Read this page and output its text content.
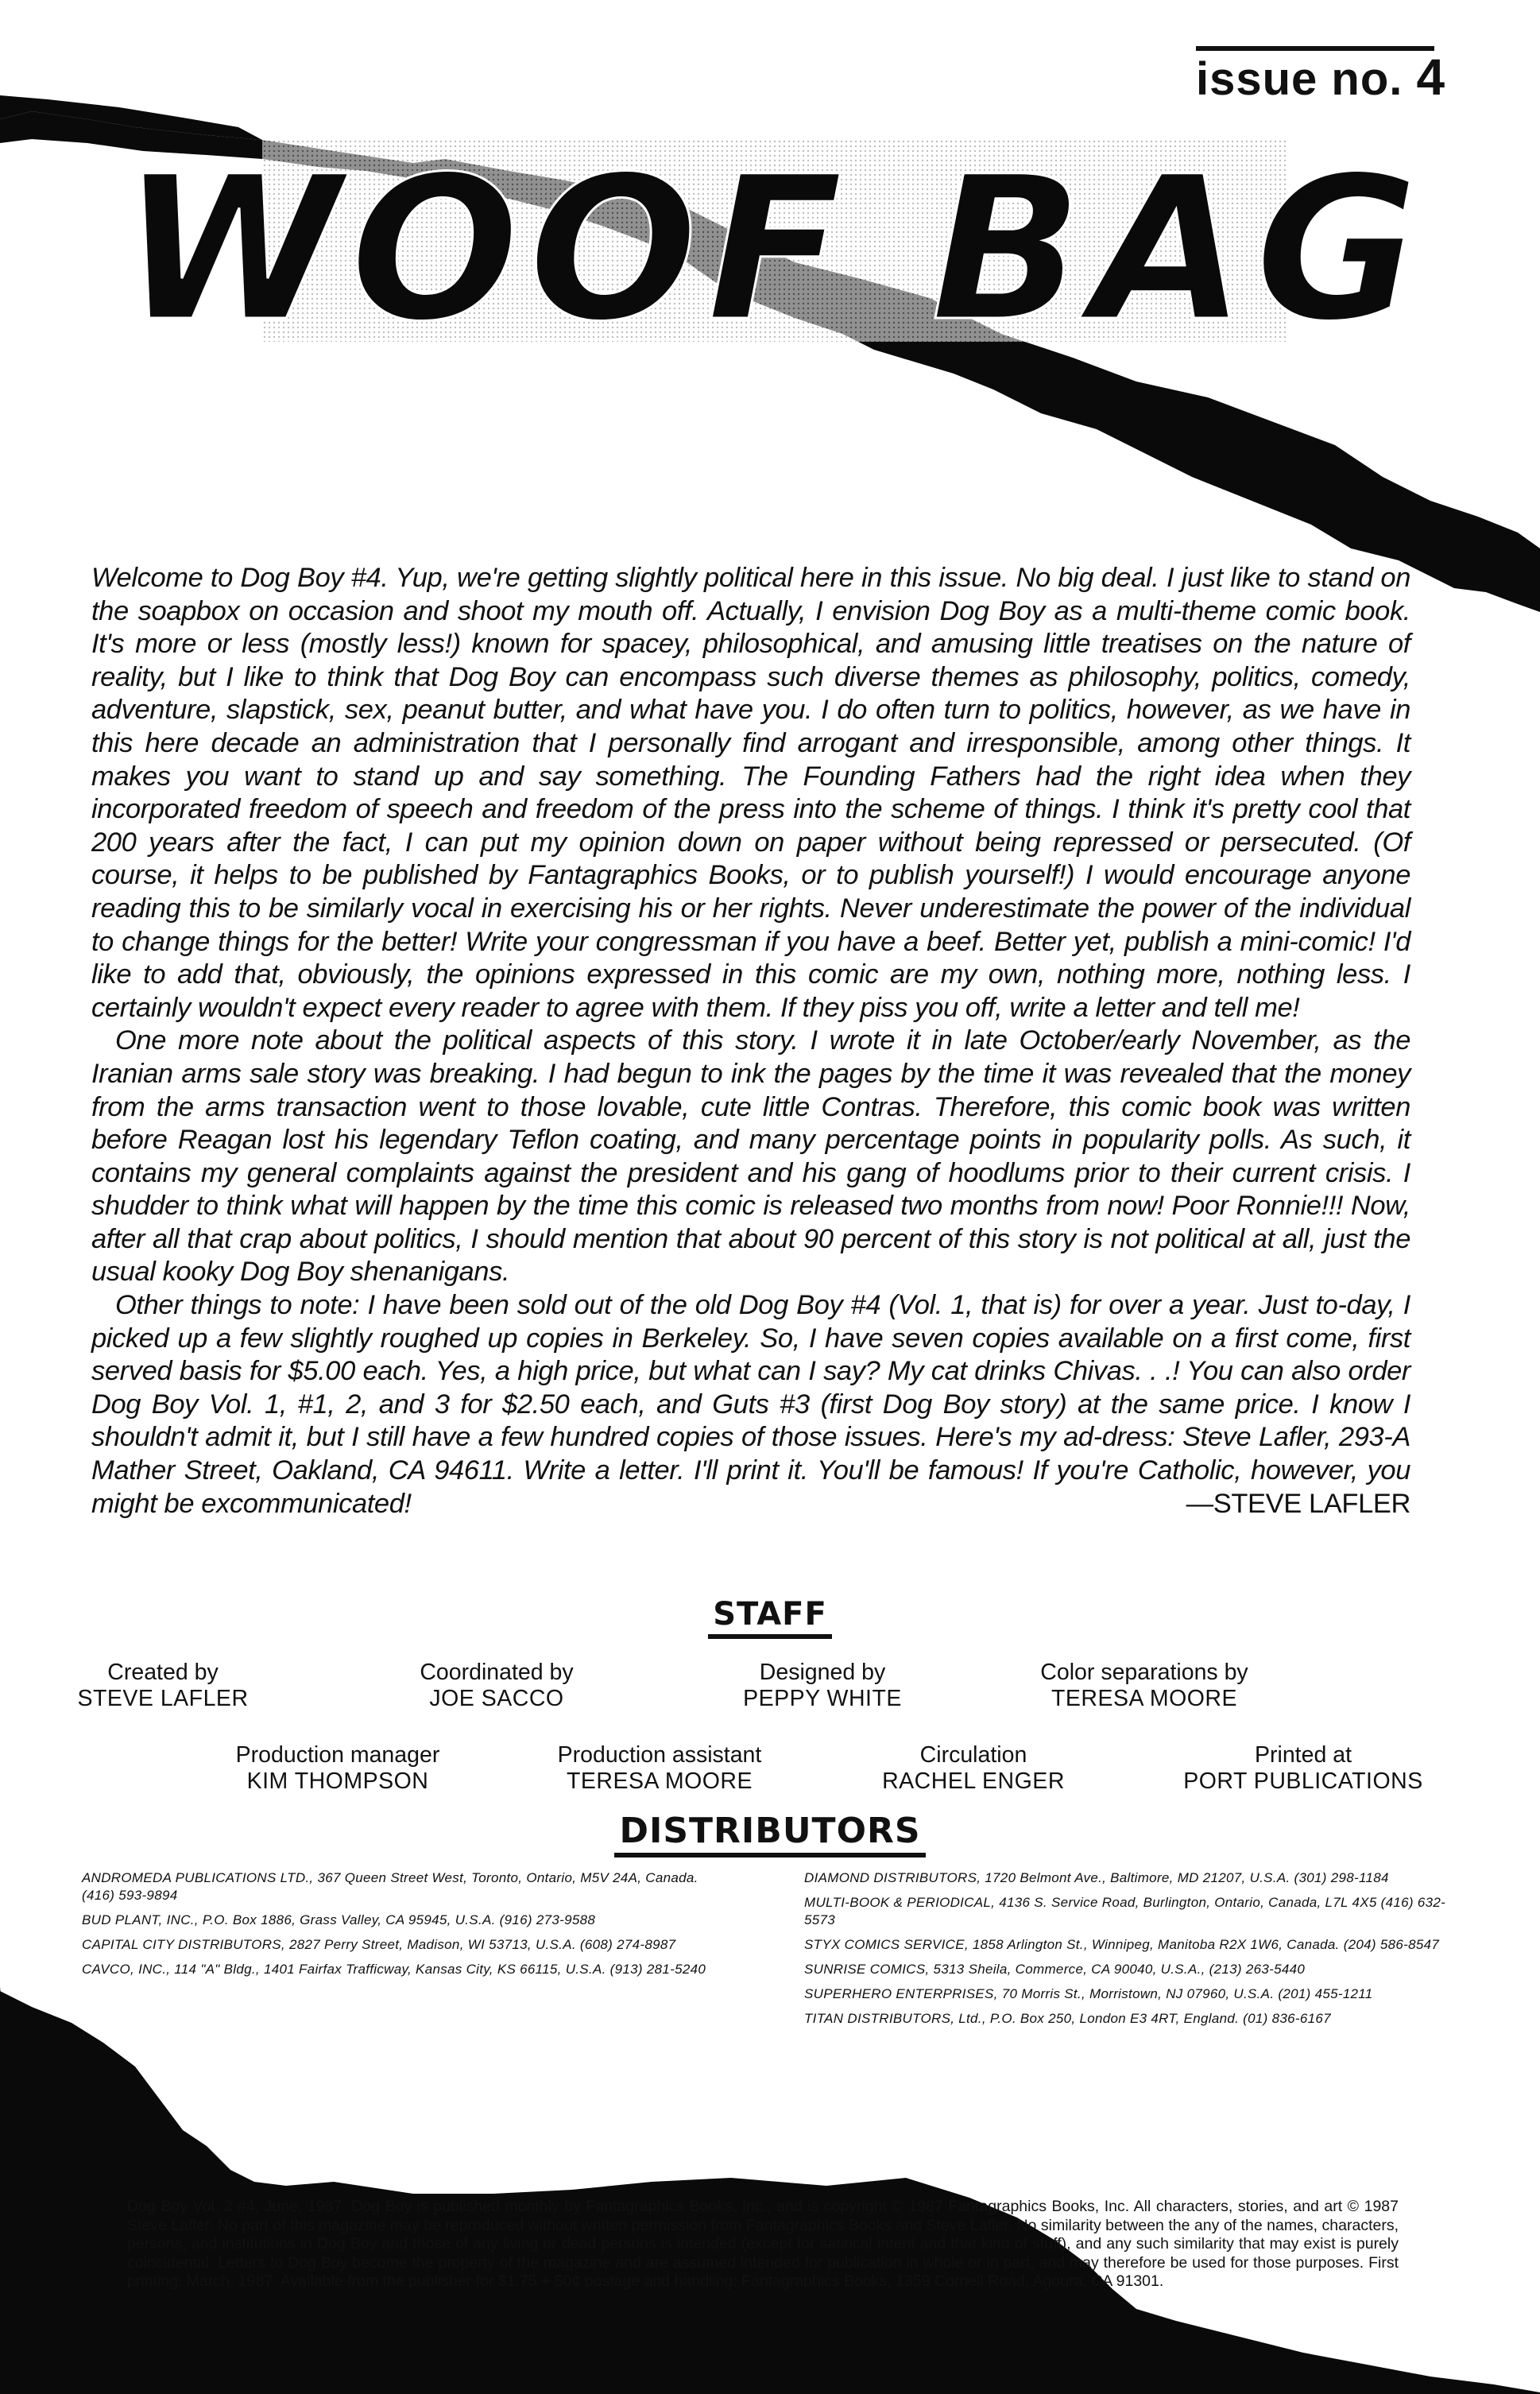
issue no. 4
WOOF BAG

Welcome to Dog Boy #4. Yup, we're getting slightly political here in this issue. No big deal. I just like to stand on the soapbox on occasion and shoot my mouth off. Actually, I envision Dog Boy as a multi-theme comic book. It's more or less (mostly less!) known for spacey, philosophical, and amusing little treatises on the nature of reality, but I like to think that Dog Boy can encompass such diverse themes as philosophy, politics, comedy, adventure, slapstick, sex, peanut butter, and what have you. I do often turn to politics, however, as we have in this here decade an administration that I personally find arrogant and irresponsible, among other things. It makes you want to stand up and say something. The Founding Fathers had the right idea when they incorporated freedom of speech and freedom of the press into the scheme of things. I think it's pretty cool that 200 years after the fact, I can put my opinion down on paper without being repressed or persecuted. (Of course, it helps to be published by Fantagraphics Books, or to publish yourself!) I would encourage anyone reading this to be similarly vocal in exercising his or her rights. Never underestimate the power of the individual to change things for the better! Write your congressman if you have a beef. Better yet, publish a mini-comic! I'd like to add that, obviously, the opinions expressed in this comic are my own, nothing more, nothing less. I certainly wouldn't expect every reader to agree with them. If they piss you off, write a letter and tell me!

One more note about the political aspects of this story. I wrote it in late October/early November, as the Iranian arms sale story was breaking. I had begun to ink the pages by the time it was revealed that the money from the arms transaction went to those lovable, cute little Contras. Therefore, this comic book was written before Reagan lost his legendary Teflon coating, and many percentage points in popularity polls. As such, it contains my general complaints against the president and his gang of hoodlums prior to their current crisis. I shudder to think what will happen by the time this comic is released two months from now! Poor Ronnie!!! Now, after all that crap about politics, I should mention that about 90 percent of this story is not political at all, just the usual kooky Dog Boy shenanigans.

Other things to note: I have been sold out of the old Dog Boy #4 (Vol. 1, that is) for over a year. Just to-day, I picked up a few slightly roughed up copies in Berkeley. So, I have seven copies available on a first come, first served basis for $5.00 each. Yes, a high price, but what can I say? My cat drinks Chivas. . .! You can also order Dog Boy Vol. 1, #1, 2, and 3 for $2.50 each, and Guts #3 (first Dog Boy story) at the same price. I know I shouldn't admit it, but I still have a few hundred copies of those issues. Here's my ad-dress: Steve Lafler, 293-A Mather Street, Oakland, CA 94611. Write a letter. I'll print it. You'll be famous! If you're Catholic, however, you might be excommunicated!	—STEVE LAFLER

STAFF
Created by
STEVE LAFLER
Coordinated by
JOE SACCO
Designed by
PEPPY WHITE
Color separations by
TERESA MOORE
Production manager
KIM THOMPSON
Production assistant
TERESA MOORE
Circulation
RACHEL ENGER
Printed at
PORT PUBLICATIONS
DISTRIBUTORS
ANDROMEDA PUBLICATIONS LTD., 367 Queen Street West, Toronto, Ontario, M5V 24A, Canada. (416) 593-9894
BUD PLANT, INC., P.O. Box 1886, Grass Valley, CA 95945, U.S.A. (916) 273-9588
CAPITAL CITY DISTRIBUTORS, 2827 Perry Street, Madison, WI 53713, U.S.A. (608) 274-8987
CAVCO, INC., 114 "A" Bldg., 1401 Fairfax Trafficway, Kansas City, KS 66115, U.S.A. (913) 281-5240
DIAMOND DISTRIBUTORS, 1720 Belmont Ave., Baltimore, MD 21207, U.S.A. (301) 298-1184
MULTI-BOOK & PERIODICAL, 4136 S. Service Road, Burlington, Ontario, Canada, L7L 4X5 (416) 632-5573
STYX COMICS SERVICE, 1858 Arlington St., Winnipeg, Manitoba R2X 1W6, Canada. (204) 586-8547
SUNRISE COMICS, 5313 Sheila, Commerce, CA 90040, U.S.A., (213) 263-5440
SUPERHERO ENTERPRISES, 70 Morris St., Morristown, NJ 07960, U.S.A. (201) 455-1211
TITAN DISTRIBUTORS, Ltd., P.O. Box 250, London E3 4RT, England. (01) 836-6167
Dog Boy Vol. 2 #4, June, 1987. Dog Boy is published monthly by Fantagraphics Books, Inc., and is copyright © 1987 Fantagraphics Books, Inc. All characters, stories, and art © 1987 Steve Lafler. No part of this magazine may be reproduced without written permission from Fantagraphics Books and Steve Lafler. No similarity between the any of the names, characters, persons, and institutions in Dog Boy and those of any living or dead persons is intended (except for satirical intent and that kind of stuff), and any such similarity that may exist is purely coincidental. Letters to Dog Boy become the property of the magazine and are assumed intended for publication in whole or in part, and may therefore be used for those purposes. First printing: March, 1987. Available from the publisher for $1.75 + 50¢ postage and handling: Fantagraphics Books, 1359 Cornell Road, Agoura, CA 91301.
